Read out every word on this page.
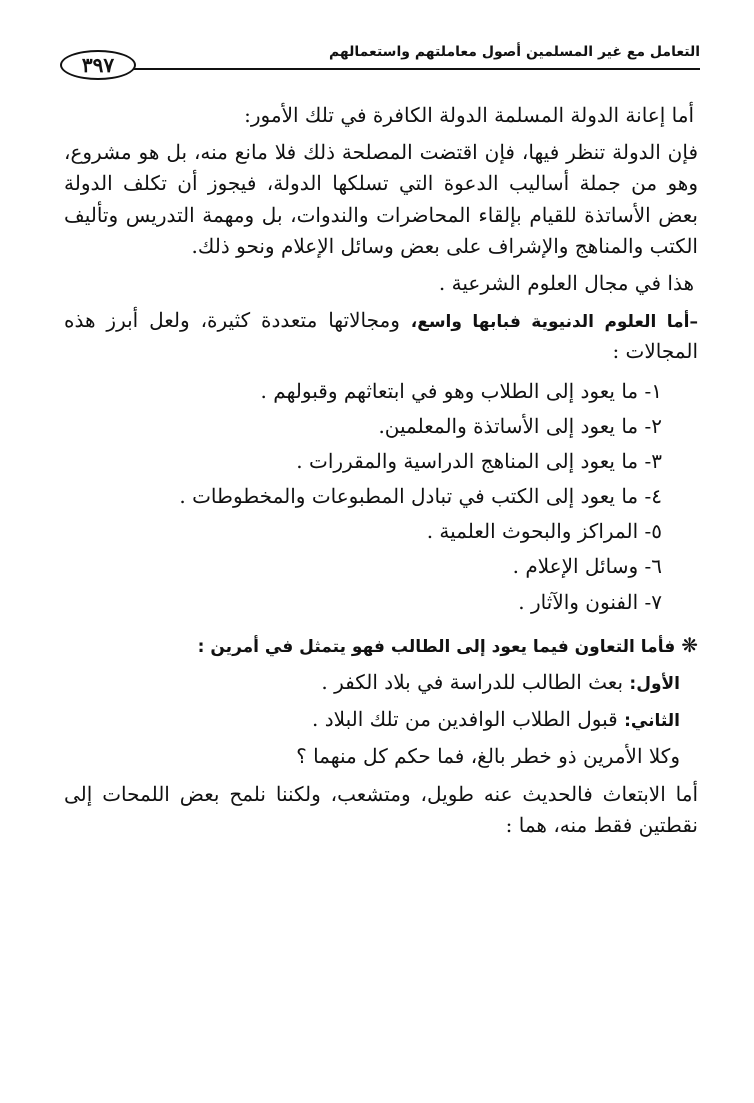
٣٩٧
التعامل مع غير المسلمين أصول معاملتهم واستعمالهم

أما إعانة الدولة المسلمة الدولة الكافرة في تلك الأمور:

فإن الدولة تنظر فيها، فإن اقتضت المصلحة ذلك فلا مانع منه، بل هو مشروع، وهو من جملة أساليب الدعوة التي تسلكها الدولة، فيجوز أن تكلف الدولة بعض الأساتذة للقيام بإلقاء المحاضرات والندوات، بل ومهمة التدريس وتأليف الكتب والمناهج والإشراف على بعض وسائل الإعلام ونحو ذلك.

هذا في مجال العلوم الشرعية .

–أما العلوم الدنيوية فبابها واسع، ومجالاتها متعددة كثيرة، ولعل أبرز هذه المجالات :

١- ما يعود إلى الطلاب وهو في ابتعاثهم وقبولهم .
٢- ما يعود إلى الأساتذة والمعلمين.
٣- ما يعود إلى المناهج الدراسية والمقررات .
٤- ما يعود إلى الكتب في تبادل المطبوعات والمخطوطات .
٥- المراكز والبحوث العلمية .
٦- وسائل الإعلام .
٧- الفنون والآثار .

❋فأما التعاون فيما يعود إلى الطالب فهو يتمثل في أمرين :

الأول: بعث الطالب للدراسة في بلاد الكفر .
الثاني: قبول الطلاب الوافدين من تلك البلاد .
وكلا الأمرين ذو خطر بالغ، فما حكم كل منهما ؟

أما الابتعاث فالحديث عنه طويل، ومتشعب، ولكننا نلمح بعض اللمحات إلى نقطتين فقط منه، هما :
